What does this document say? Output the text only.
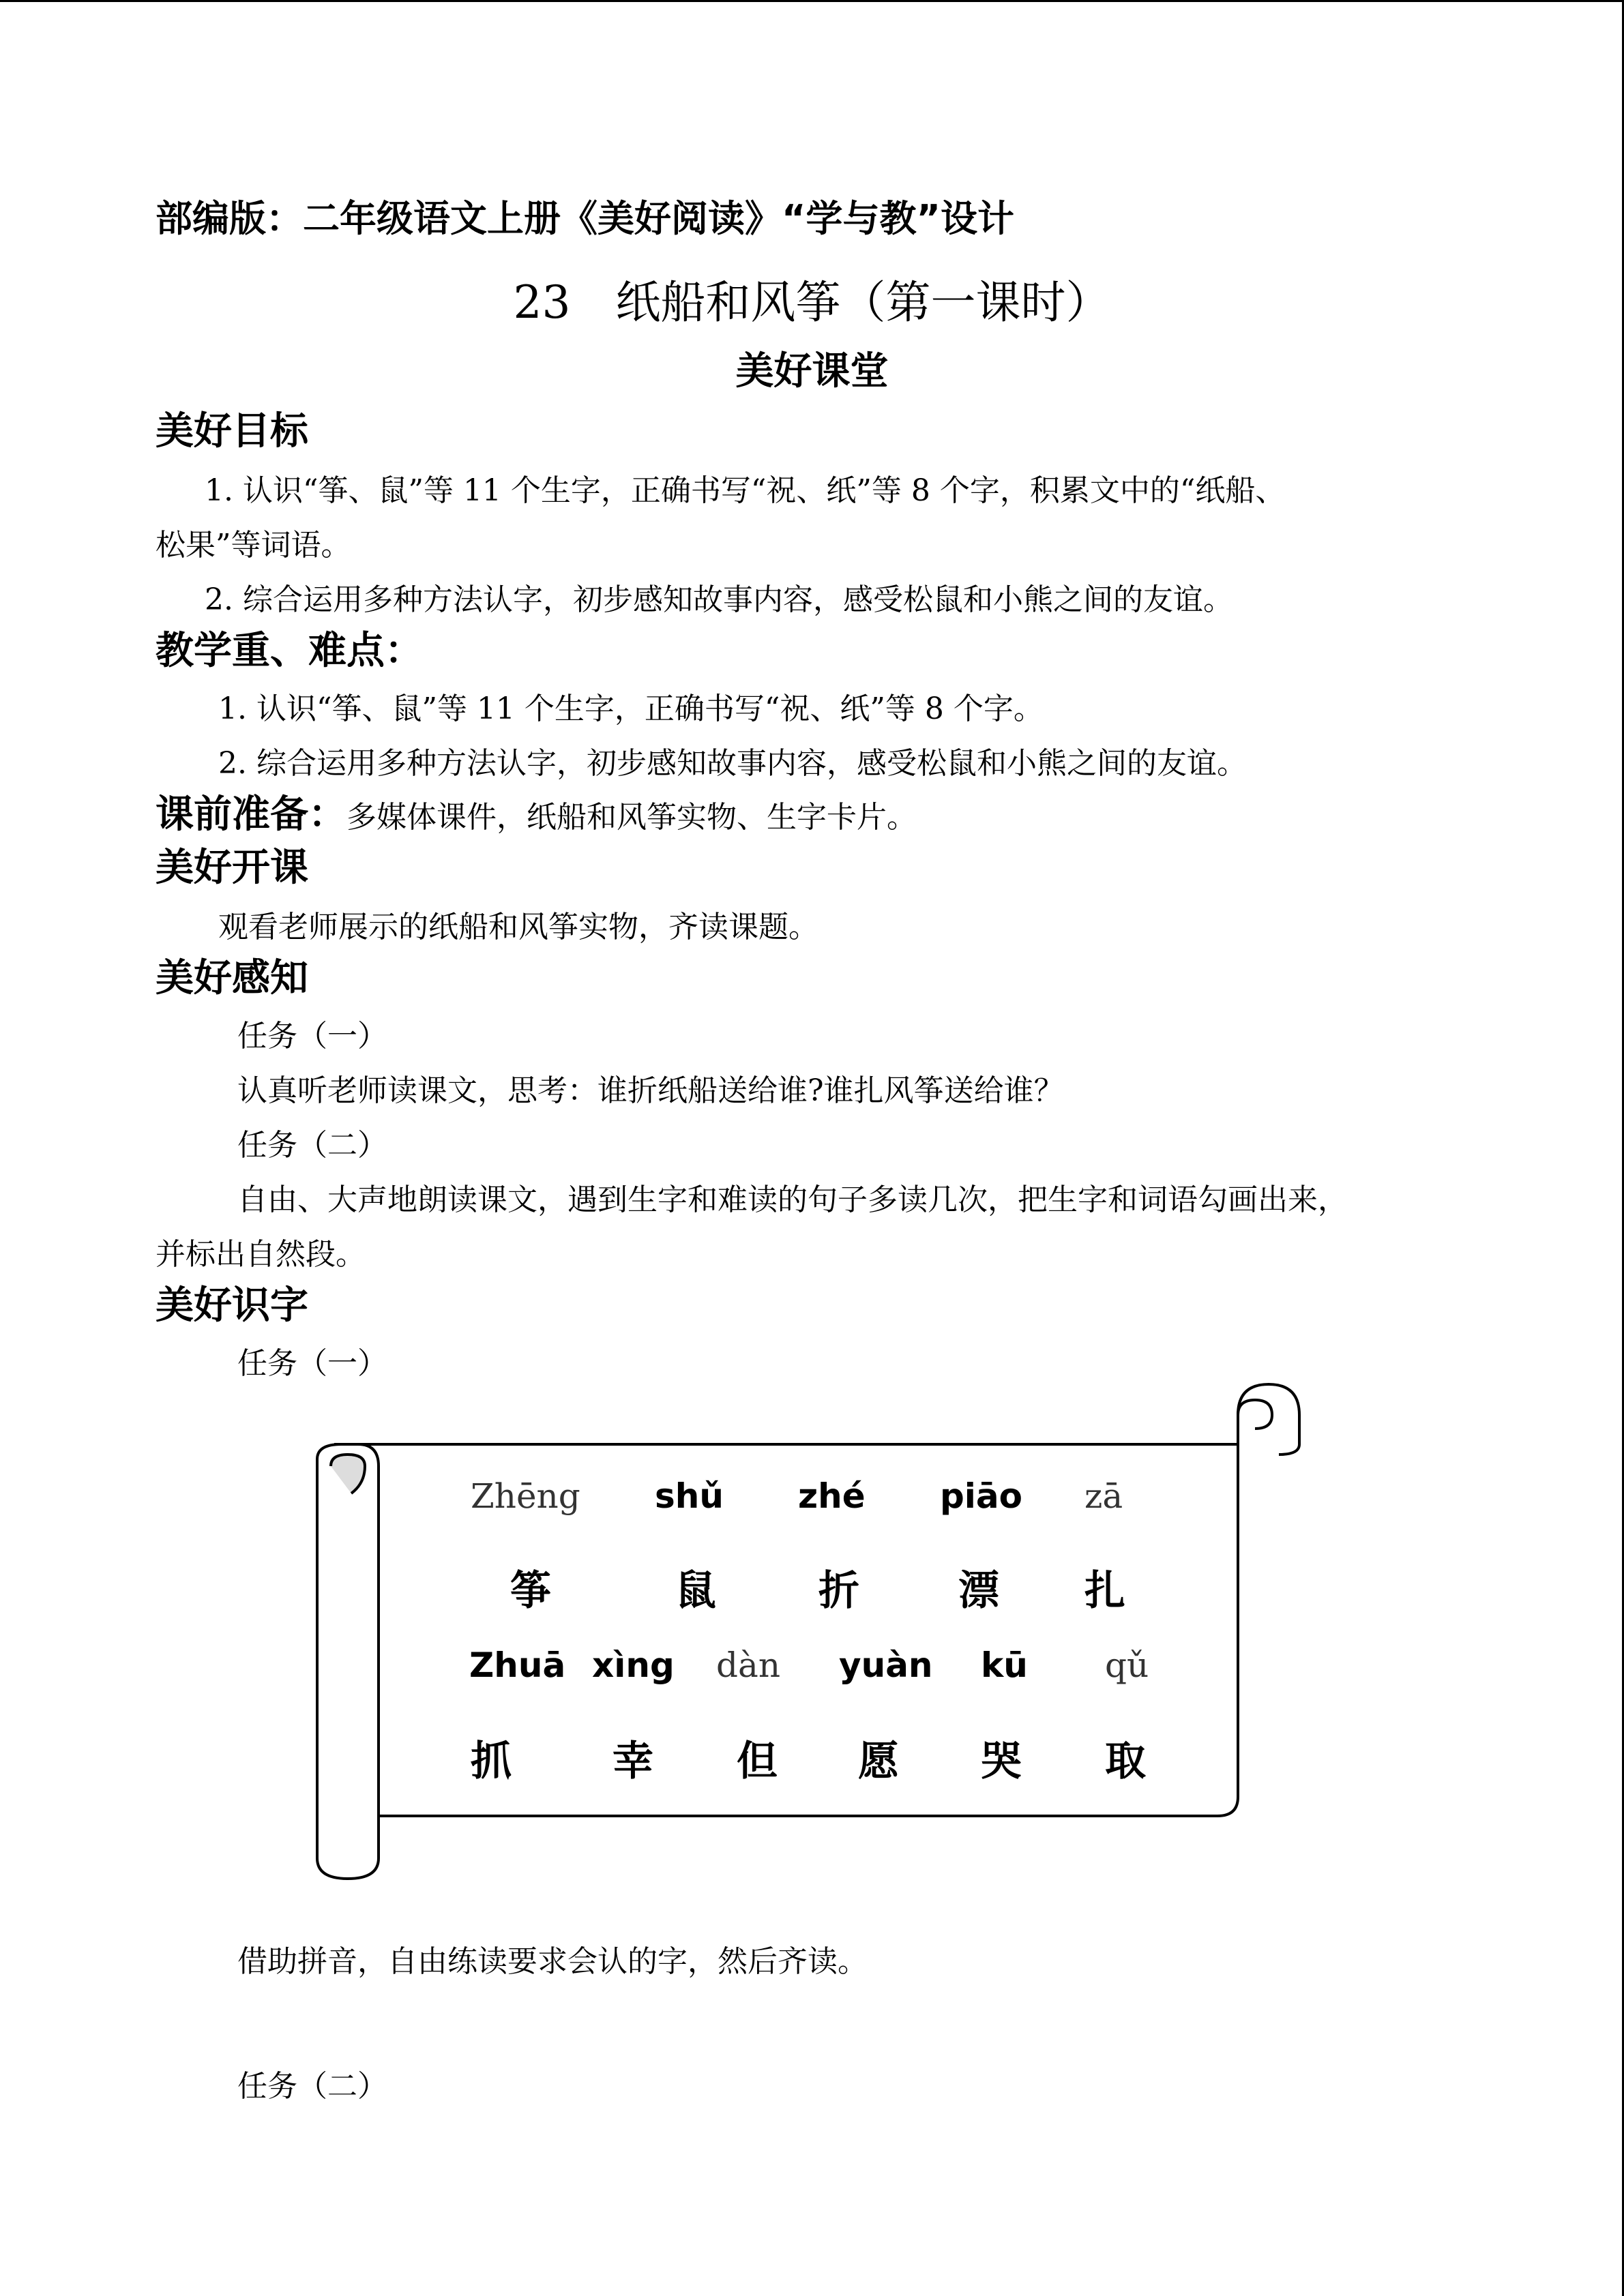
部编版：二年级语文上册《美好阅读》“学与教”设计
23　纸船和风筝（第一课时）
美好课堂
美好目标
1. 认识“筝、鼠”等 11 个生字，正确书写“祝、纸”等 8 个字，积累文中的“纸船、
松果”等词语。
2. 综合运用多种方法认字，初步感知故事内容，感受松鼠和小熊之间的友谊。
教学重、难点：
1. 认识“筝、鼠”等 11 个生字，正确书写“祝、纸”等 8 个字。
2. 综合运用多种方法认字，初步感知故事内容，感受松鼠和小熊之间的友谊。
课前准备：多媒体课件，纸船和风筝实物、生字卡片。
美好开课
观看老师展示的纸船和风筝实物，齐读课题。
美好感知
任务（一）
认真听老师读课文，思考：谁折纸船送给谁?谁扎风筝送给谁？
任务（二）
自由、大声地朗读课文，遇到生字和难读的句子多读几次，把生字和词语勾画出来，
并标出自然段。
美好识字
任务（一）
Zhēng shǔ zhé piāo zā
筝	鼠	折 漂 扎
Zhuā xìng dàn yuàn kū qǔ
抓 幸 但 愿 哭 取
借助拼音，自由练读要求会认的字，然后齐读。
任务（二）
